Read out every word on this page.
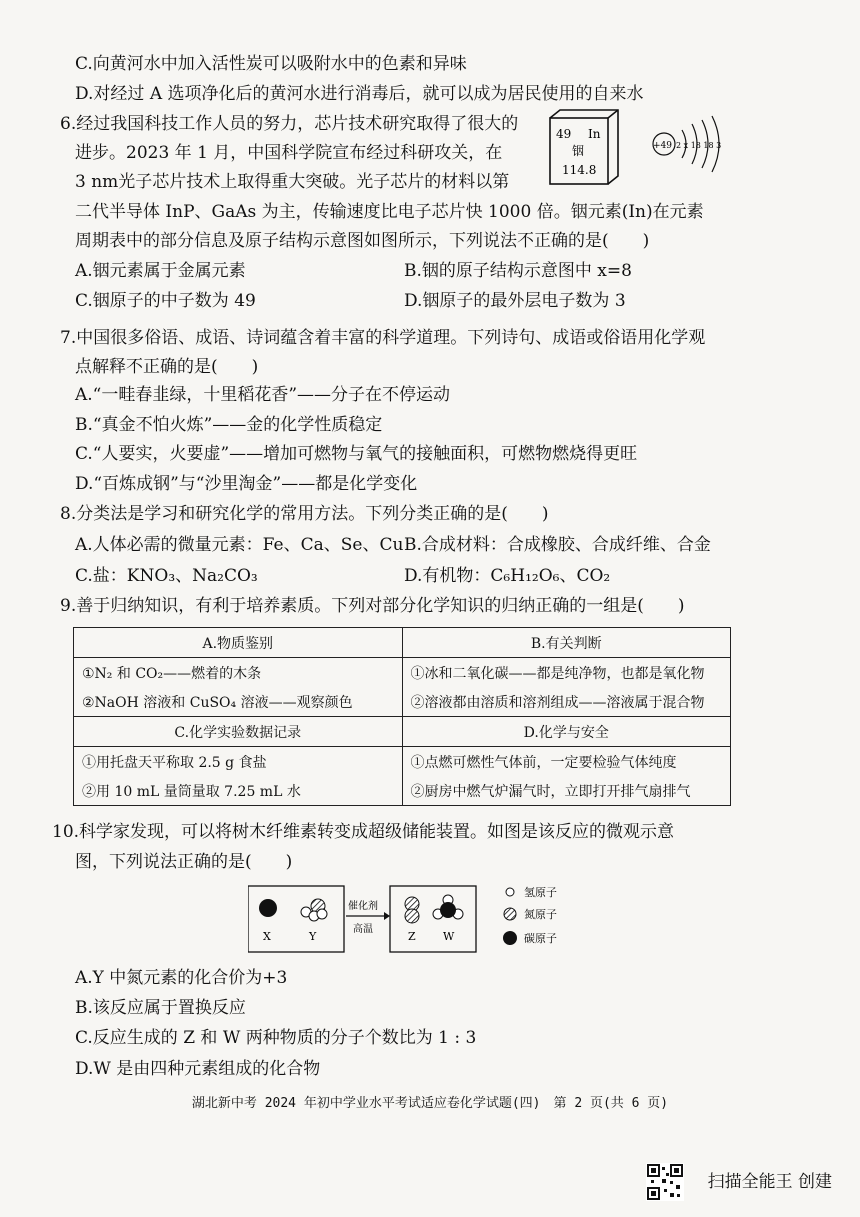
C.向黄河水中加入活性炭可以吸附水中的色素和异味
D.对经过 A 选项净化后的黄河水进行消毒后，就可以成为居民使用的自来水
6.经过我国科技工作人员的努力，芯片技术研究取得了很大的
进步。2023 年 1 月，中国科学院宣布经过科研攻关，在
3 nm光子芯片技术上取得重大突破。光子芯片的材料以第
二代半导体 InP、GaAs 为主，传输速度比电子芯片快 1000 倍。铟元素(In)在元素
周期表中的部分信息及原子结构示意图如图所示，下列说法不正确的是(　　)
A.铟元素属于金属元素	B.铟的原子结构示意图中 x=8
C.铟原子的中子数为 49	D.铟原子的最外层电子数为 3
49 In
铟
114.8
+49 2 x 18 18 3
7.中国很多俗语、成语、诗词蕴含着丰富的科学道理。下列诗句、成语或俗语用化学观
点解释不正确的是(　　)
A.“一畦春韭绿，十里稻花香”——分子在不停运动
B.“真金不怕火炼”——金的化学性质稳定
C.“人要实，火要虚”——增加可燃物与氧气的接触面积，可燃物燃烧得更旺
D.“百炼成钢”与“沙里淘金”——都是化学变化
8.分类法是学习和研究化学的常用方法。下列分类正确的是(　　)
A.人体必需的微量元素：Fe、Ca、Se、Cu B.合成材料：合成橡胶、合成纤维、合金
C.盐：KNO₃、Na₂CO₃	D.有机物：C₆H₁₂O₆、CO₂
9.善于归纳知识，有利于培养素质。下列对部分化学知识的归纳正确的一组是(　　)
A.物质鉴别	B.有关判断
①N₂ 和 CO₂——燃着的木条	①冰和二氧化碳——都是纯净物，也都是氧化物
②NaOH 溶液和 CuSO₄ 溶液——观察颜色	②溶液都由溶质和溶剂组成——溶液属于混合物
C.化学实验数据记录	D.化学与安全
①用托盘天平称取 2.5 g 食盐	①点燃可燃性气体前，一定要检验气体纯度
②用 10 mL 量筒量取 7.25 mL 水	②厨房中燃气炉漏气时，立即打开排气扇排气
10.科学家发现，可以将树木纤维素转变成超级储能装置。如图是该反应的微观示意
图，下列说法正确的是(　　)
X	Y
催化剂
高温
Z W
氢原子
氮原子
碳原子
A.Y 中氮元素的化合价为+3
B.该反应属于置换反应
C.反应生成的 Z 和 W 两种物质的分子个数比为 1 : 3
D.W 是由四种元素组成的化合物
湖北新中考 2024 年初中学业水平考试适应卷化学试题(四)　第 2 页(共 6 页)
扫描全能王 创建
